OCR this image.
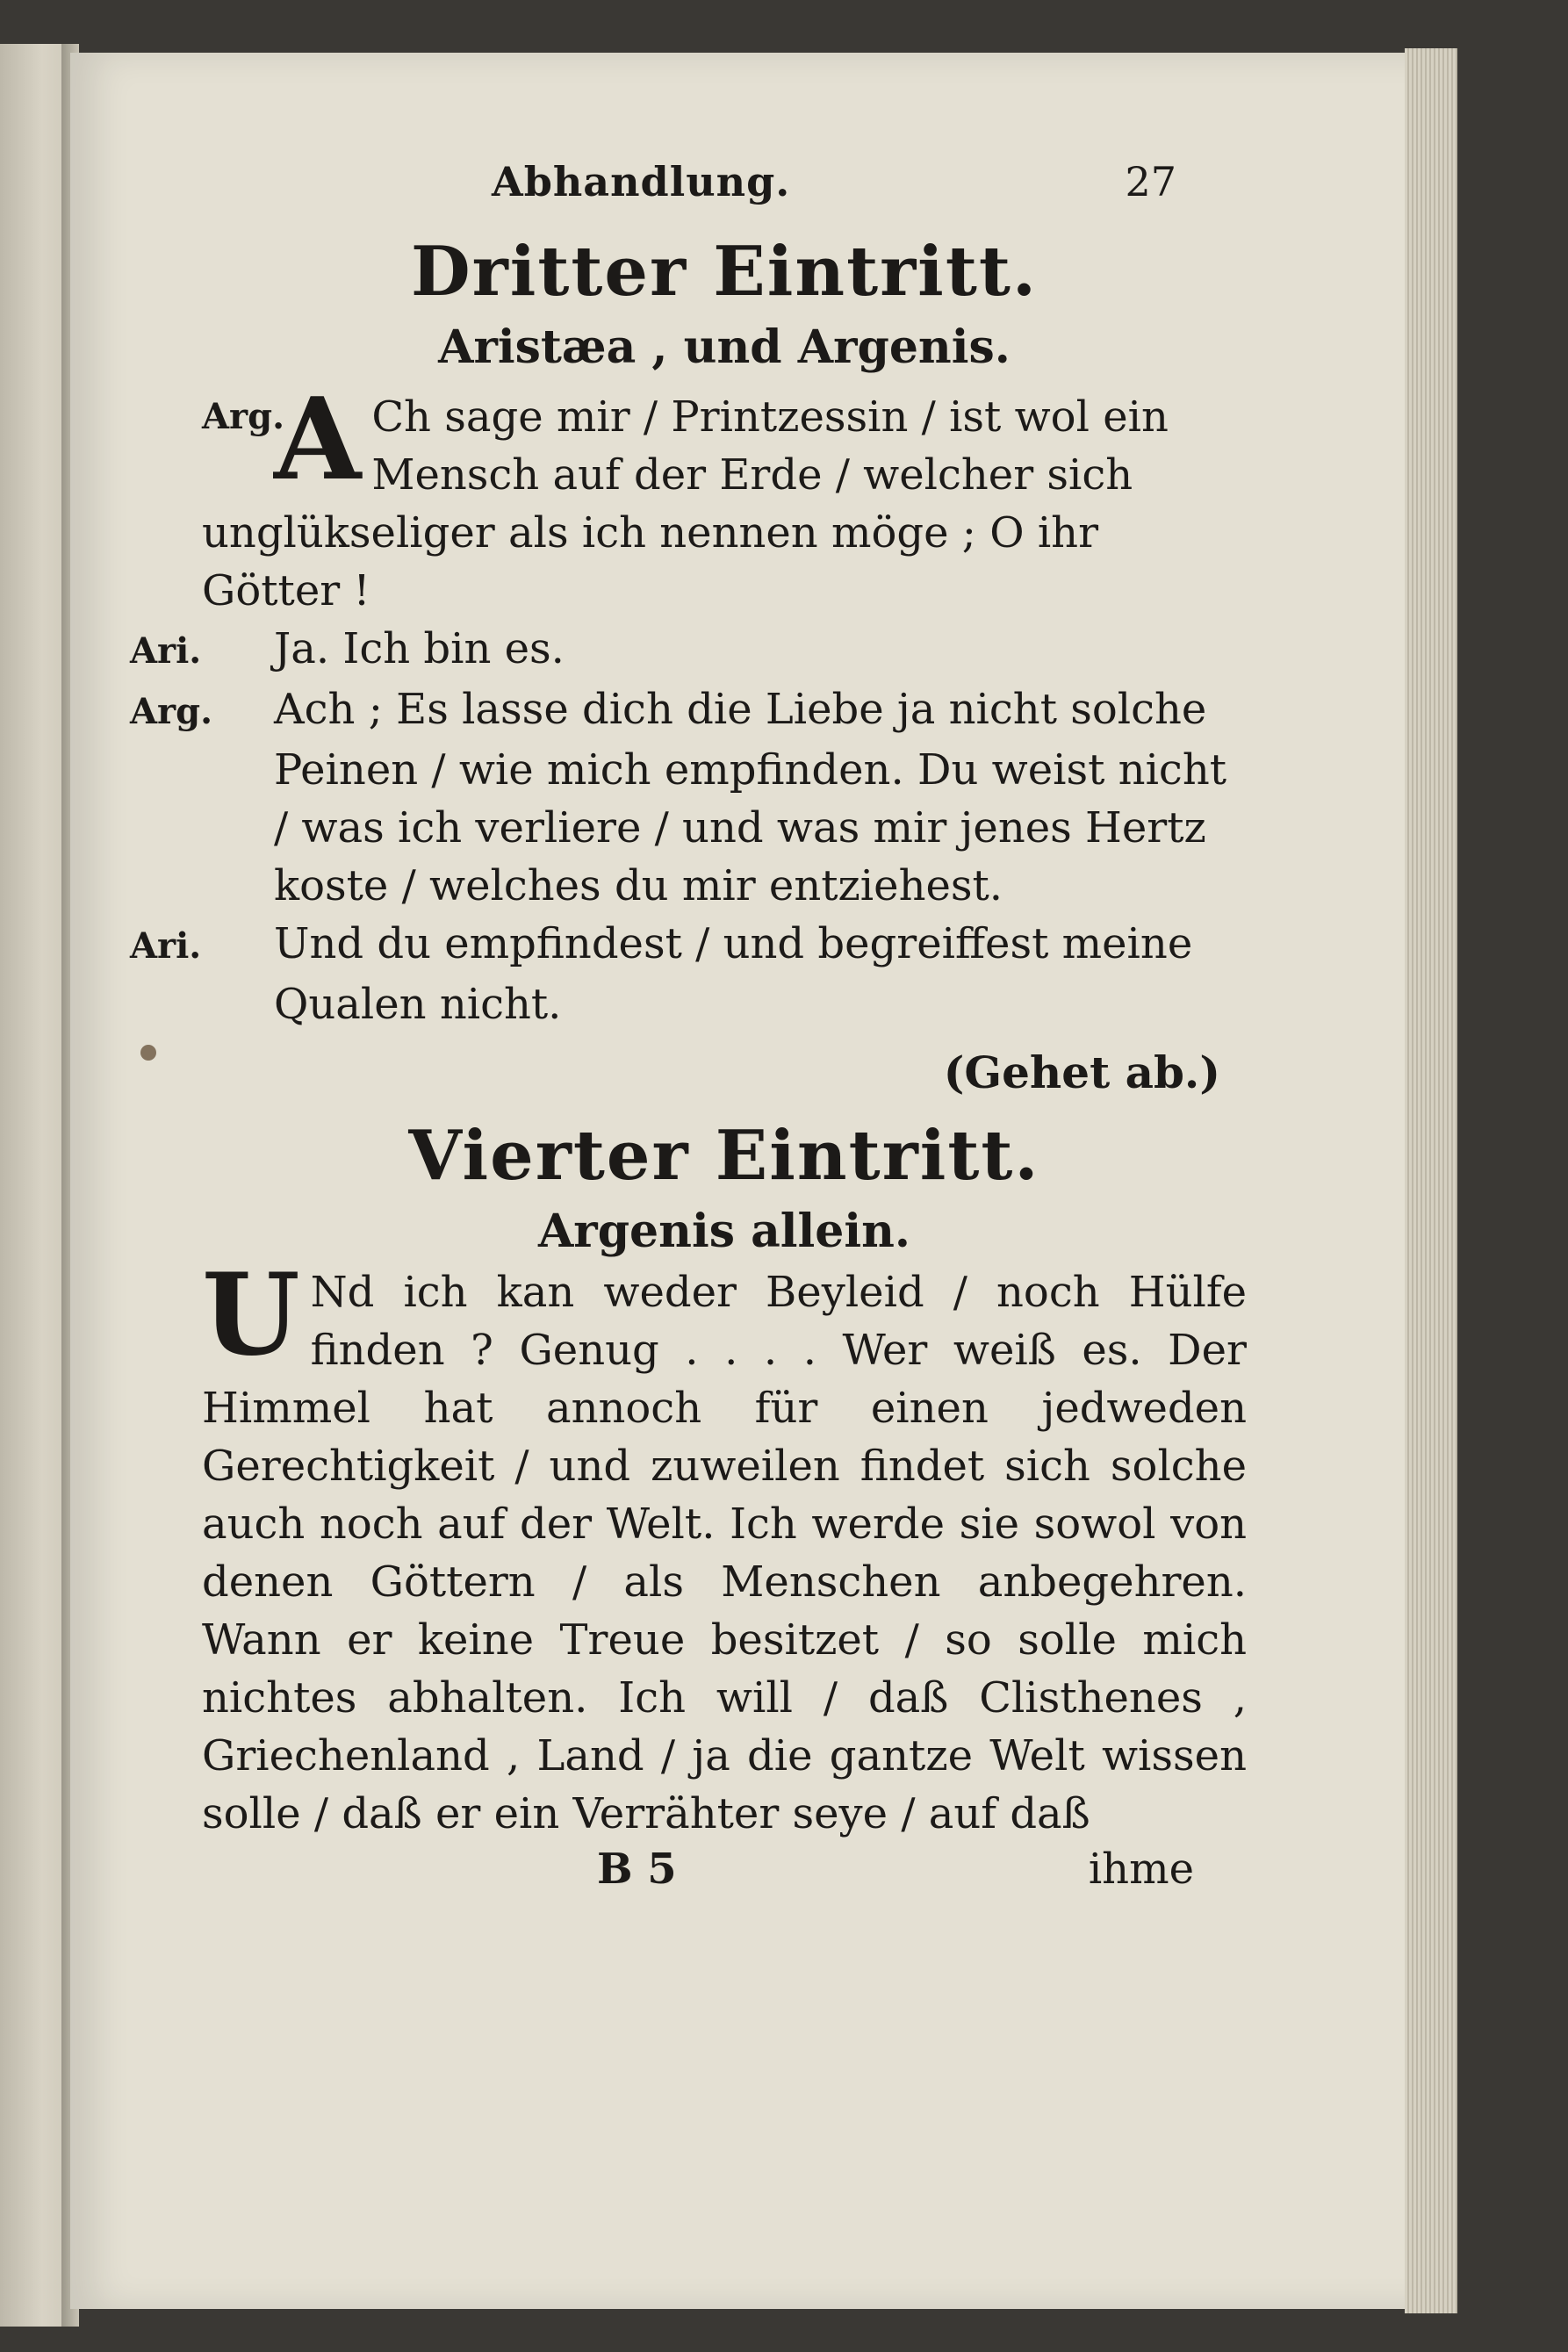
Abhandlung.	27
Dritter Eintritt.

Aristæa , und Argenis.

Arg.
A Ch sage mir / Printzessin / ist wol ein Mensch auf der Erde / welcher sich unglükseliger als ich nennen möge ; O ihr Götter !

Ari. Ja. Ich bin es.

Arg. Ach ; Es lasse dich die Liebe ja nicht solche Peinen / wie mich empfinden. Du weist nicht / was ich verliere / und was mir jenes Hertz koste / welches du mir entziehest.

Ari. Und du empfindest / und begreiffest meine Qualen nicht.

(Gehet ab.)

Vierter Eintritt.

Argenis allein.

U Nd ich kan weder Beyleid / noch Hülfe finden ? Genug . . . . Wer weiß es. Der Himmel hat annoch für einen jedweden Gerechtigkeit / und zuweilen findet sich solche auch noch auf der Welt. Ich werde sie sowol von denen Göttern / als Menschen anbegehren. Wann er keine Treue besitzet / so solle mich nichtes abhalten. Ich will / daß Clisthenes , Griechenland , Land / ja die gantze Welt wissen solle / daß er ein Verrähter seye / auf daß

B 5	ihme
